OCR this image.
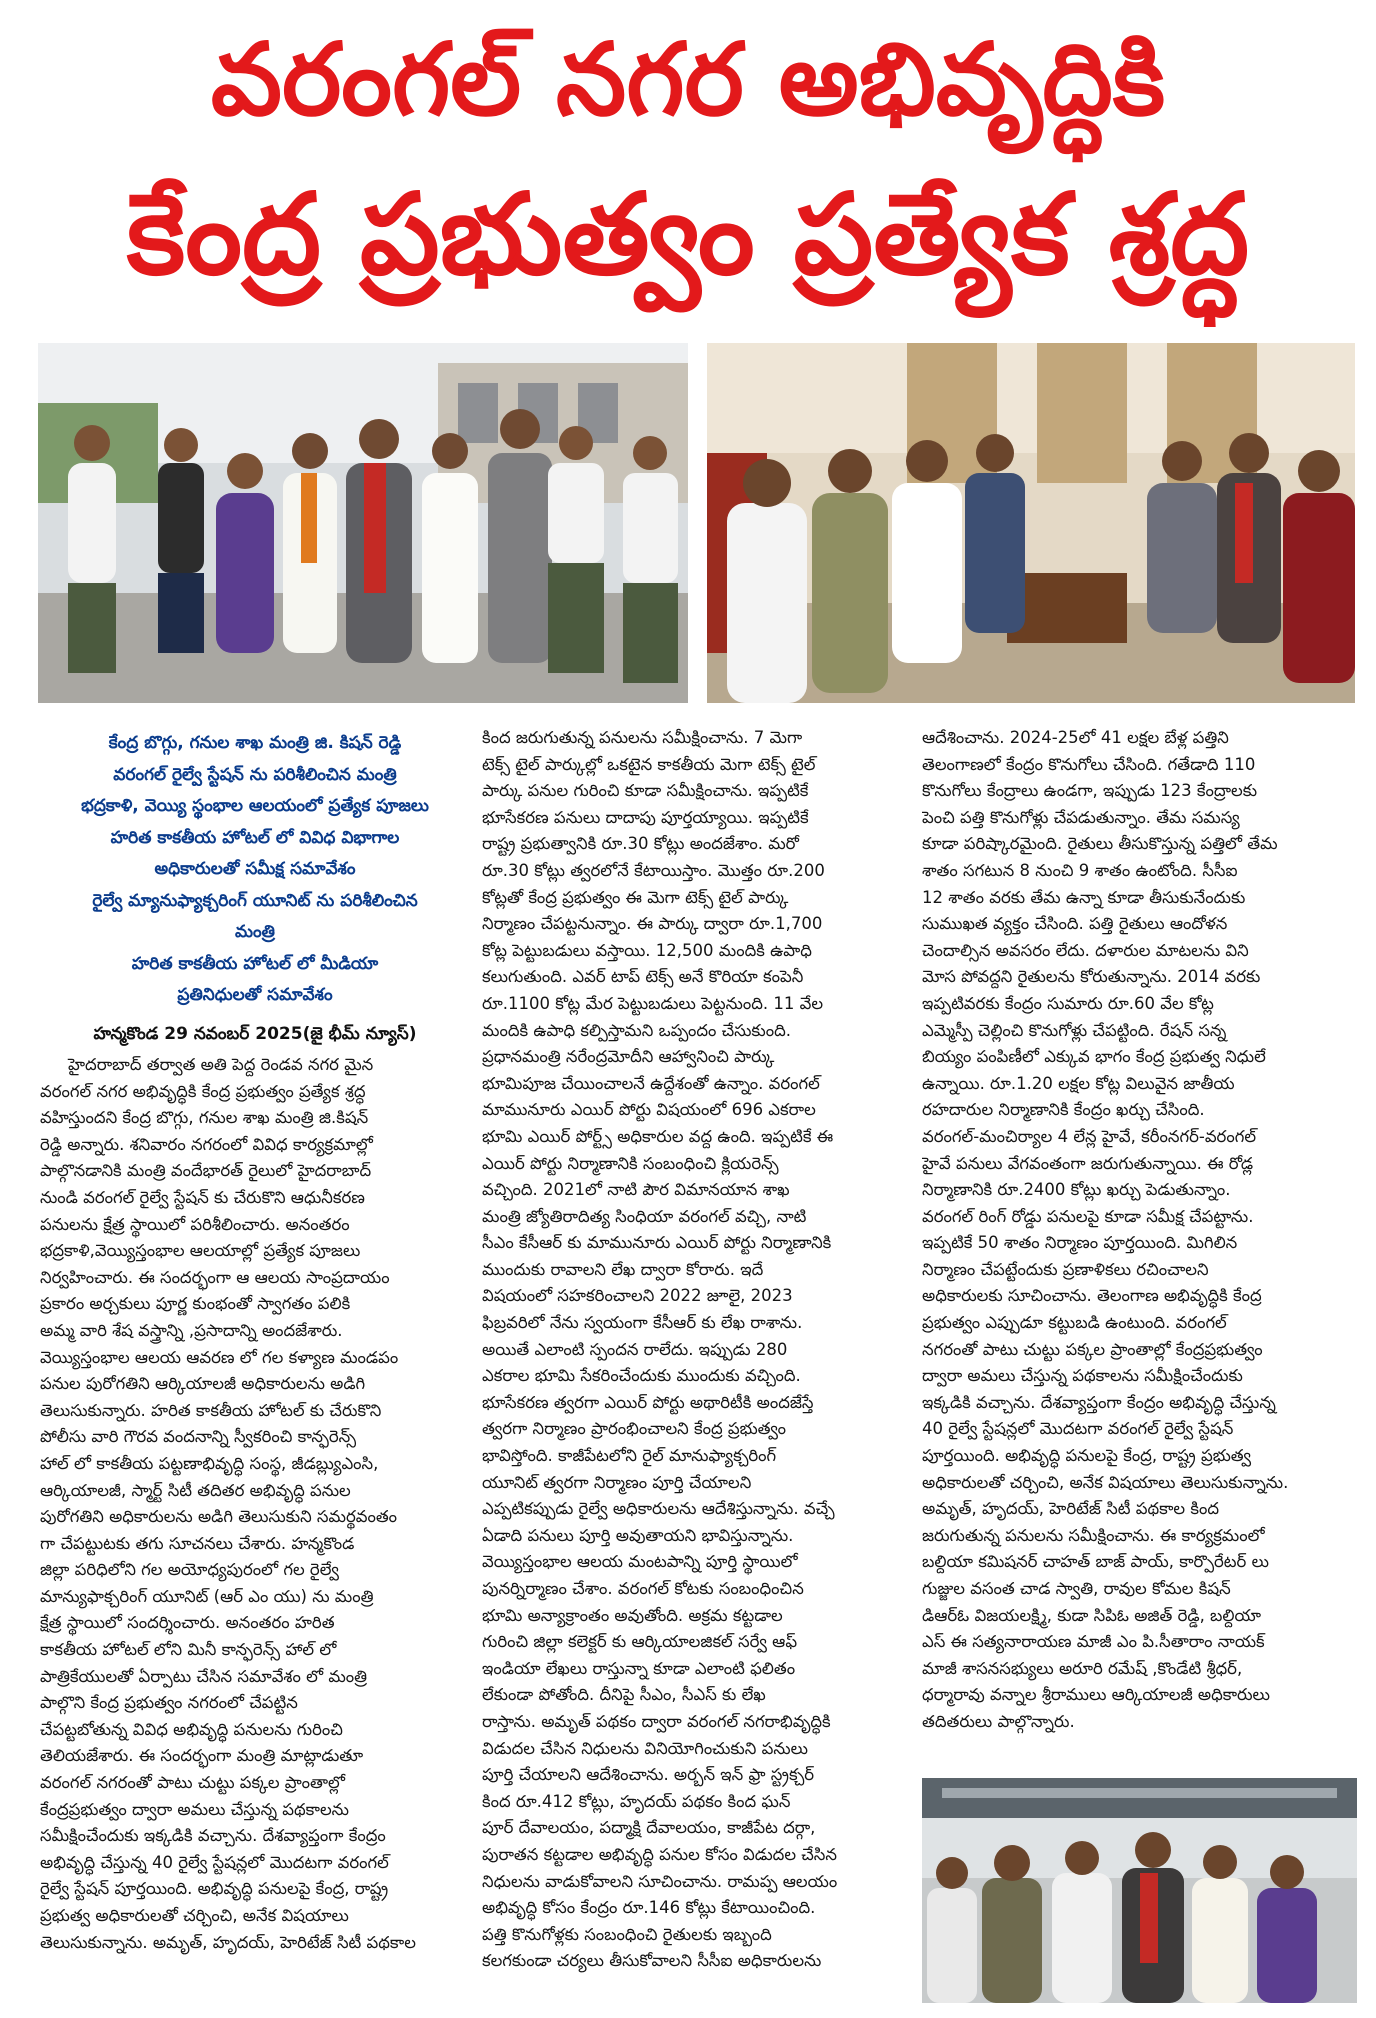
వరంగల్ నగర అభివృద్ధికి
కేంద్ర ప్రభుత్వం ప్రత్యేక శ్రద్ధ
కేంద్ర బొగ్గు, గనుల శాఖ మంత్రి జి. కిషన్ రెడ్డి
వరంగల్ రైల్వే స్టేషన్ ను పరిశీలించిన మంత్రి
భద్రకాళి, వెయ్యి స్థంభాల ఆలయంలో ప్రత్యేక పూజలు
హరిత కాకతీయ హోటల్ లో వివిధ విభాగాల
అధికారులతో సమీక్ష సమావేశం
రైల్వే మ్యానుఫ్యాక్చరింగ్ యూనిట్ ను పరిశీలించిన
మంత్రి
హరిత కాకతీయ హోటల్ లో మీడియా
ప్రతినిధులతో సమావేశం
హన్మకొండ 29 నవంబర్ 2025(జై భీమ్ న్యూస్)
హైదరాబాద్ తర్వాత అతి పెద్ద రెండవ నగర మైన
వరంగల్ నగర అభివృద్ధికి కేంద్ర ప్రభుత్వం ప్రత్యేక శ్రద్ధ
వహిస్తుందని కేంద్ర బొగ్గు, గనుల శాఖ మంత్రి జి.కిషన్
రెడ్డి అన్నారు. శనివారం నగరంలో వివిధ కార్యక్రమాల్లో
పాల్గొనడానికి మంత్రి వందేభారత్ రైలులో హైదరాబాద్
నుండి వరంగల్ రైల్వే స్టేషన్ కు చేరుకొని ఆధునీకరణ
పనులను క్షేత్ర స్థాయిలో పరిశీలించారు. అనంతరం
భద్రకాళి,వెయ్యిస్తంభాల ఆలయాల్లో ప్రత్యేక పూజలు
నిర్వహించారు. ఈ సందర్భంగా ఆ ఆలయ సాంప్రదాయం
ప్రకారం అర్చకులు పూర్ణ కుంభంతో స్వాగతం పలికి
అమ్మ వారి శేష వస్త్రాన్ని ,ప్రసాదాన్ని అందజేశారు.
వెయ్యిస్తంభాల ఆలయ ఆవరణ లో గల కళ్యాణ మండపం
పనుల పురోగతిని ఆర్కియాలజీ అధికారులను అడిగి
తెలుసుకున్నారు. హరిత కాకతీయ హోటల్ కు చేరుకొని
పోలీసు వారి గౌరవ వందనాన్ని స్వీకరించి కాన్ఫరెన్స్
హాల్ లో కాకతీయ పట్టణాభివృద్ధి సంస్థ, జీడబ్ల్యుఎంసి,
ఆర్కియాలజీ, స్మార్ట్ సిటీ తదితర అభివృద్ధి పనుల
పురోగతిని అధికారులను అడిగి తెలుసుకుని సమర్థవంతం
గా చేపట్టుటకు తగు సూచనలు చేశారు. హన్మకొండ
జిల్లా పరిధిలోని గల అయోధ్యపురంలో గల రైల్వే
మాన్యుఫాక్చరింగ్ యూనిట్ (ఆర్ ఎం యు) ను మంత్రి
క్షేత్ర స్థాయిలో సందర్శించారు. అనంతరం హరిత
కాకతీయ హోటల్ లోని మినీ కాన్ఫరెన్స్ హాల్ లో
పాత్రికేయులతో ఏర్పాటు చేసిన సమావేశం లో మంత్రి
పాల్గొని కేంద్ర ప్రభుత్వం నగరంలో చేపట్టిన
చేపట్టబోతున్న వివిధ అభివృద్ధి పనులను గురించి
తెలియజేశారు. ఈ సందర్భంగా మంత్రి మాట్లాడుతూ
వరంగల్ నగరంతో పాటు చుట్టు పక్కల ప్రాంతాల్లో
కేంద్రప్రభుత్వం ద్వారా అమలు చేస్తున్న పథకాలను
సమీక్షించేందుకు ఇక్కడికి వచ్చాను. దేశవ్యాప్తంగా కేంద్రం
అభివృద్ధి చేస్తున్న 40 రైల్వే స్టేషన్లలో మొదటగా వరంగల్
రైల్వే స్టేషన్ పూర్తయింది. అభివృద్ధి పనులపై కేంద్ర, రాష్ట్ర
ప్రభుత్వ అధికారులతో చర్చించి, అనేక విషయాలు
తెలుసుకున్నాను. అమృత్, హృదయ్, హెరిటేజ్ సిటీ పథకాల
కింద జరుగుతున్న పనులను సమీక్షించాను. 7 మెగా
టెక్స్ టైల్ పార్కుల్లో ఒకటైన కాకతీయ మెగా టెక్స్ టైల్
పార్కు పనుల గురించి కూడా సమీక్షించాను. ఇప్పటికే
భూసేకరణ పనులు దాదాపు పూర్తయ్యాయి. ఇప్పటికే
రాష్ట్ర ప్రభుత్వానికి రూ.30 కోట్లు అందజేశాం. మరో
రూ.30 కోట్లు త్వరలోనే కేటాయిస్తాం. మొత్తం రూ.200
కోట్లతో కేంద్ర ప్రభుత్వం ఈ మెగా టెక్స్ టైల్ పార్కు
నిర్మాణం చేపట్టనున్నాం. ఈ పార్కు ద్వారా రూ.1,700
కోట్ల పెట్టుబడులు వస్తాయి. 12,500 మందికి ఉపాధి
కలుగుతుంది. ఎవర్ టాప్ టెక్స్ అనే కొరియా కంపెనీ
రూ.1100 కోట్ల మేర పెట్టుబడులు పెట్టనుంది. 11 వేల
మందికి ఉపాధి కల్పిస్తామని ఒప్పందం చేసుకుంది.
ప్రధానమంత్రి నరేంద్రమోదీని ఆహ్వానించి పార్కు
భూమిపూజ చేయించాలనే ఉద్దేశంతో ఉన్నాం. వరంగల్
మామునూరు ఎయిర్ పోర్టు విషయంలో 696 ఎకరాల
భూమి ఎయిర్ పోర్ట్స్ అధికారుల వద్ద ఉంది. ఇప్పటికే ఈ
ఎయిర్ పోర్టు నిర్మాణానికి సంబంధించి క్లియరెన్స్
వచ్చింది. 2021లో నాటి పౌర విమానయాన శాఖ
మంత్రి జ్యోతిరాదిత్య సింధియా వరంగల్ వచ్చి, నాటి
సీఎం కేసీఆర్ కు మామునూరు ఎయిర్ పోర్టు నిర్మాణానికి
ముందుకు రావాలని లేఖ ద్వారా కోరారు. ఇదే
విషయంలో సహకరించాలని 2022 జూలై, 2023
ఫిబ్రవరిలో నేను స్వయంగా కేసీఆర్ కు లేఖ రాశాను.
అయితే ఎలాంటి స్పందన రాలేదు. ఇప్పుడు 280
ఎకరాల భూమి సేకరించేందుకు ముందుకు వచ్చింది.
భూసేకరణ త్వరగా ఎయిర్ పోర్టు అథారిటీకి అందజేస్తే
త్వరగా నిర్మాణం ప్రారంభించాలని కేంద్ర ప్రభుత్వం
భావిస్తోంది. కాజీపేటలోని రైల్ మానుఫ్యాక్చరింగ్
యూనిట్ త్వరగా నిర్మాణం పూర్తి చేయాలని
ఎప్పటికప్పుడు రైల్వే అధికారులను ఆదేశిస్తున్నాను. వచ్చే
ఏడాది పనులు పూర్తి అవుతాయని భావిస్తున్నాను.
వెయ్యిస్తంభాల ఆలయ మంటపాన్ని పూర్తి స్థాయిలో
పునర్నిర్మాణం చేశాం. వరంగల్ కోటకు సంబంధించిన
భూమి అన్యాక్రాంతం అవుతోంది. అక్రమ కట్టడాల
గురించి జిల్లా కలెక్టర్ కు ఆర్కియాలజికల్ సర్వే ఆఫ్
ఇండియా లేఖలు రాస్తున్నా కూడా ఎలాంటి ఫలితం
లేకుండా పోతోంది. దీనిపై సీఎం, సీఎస్ కు లేఖ
రాస్తాను. అమృత్ పథకం ద్వారా వరంగల్ నగరాభివృద్ధికి
విడుదల చేసిన నిధులను వినియోగించుకుని పనులు
పూర్తి చేయాలని ఆదేశించాను. అర్బన్ ఇన్ ఫ్రా స్ట్రక్చర్
కింద రూ.412 కోట్లు, హృదయ్ పథకం కింద ఘన్
పూర్ దేవాలయం, పద్మాక్షి దేవాలయం, కాజీపేట దర్గా,
పురాతన కట్టడాల అభివృద్ధి పనుల కోసం విడుదల చేసిన
నిధులను వాడుకోవాలని సూచించాను. రామప్ప ఆలయం
అభివృద్ధి కోసం కేంద్రం రూ.146 కోట్లు కేటాయించింది.
పత్తి కొనుగోళ్లకు సంబంధించి రైతులకు ఇబ్బంది
కలగకుండా చర్యలు తీసుకోవాలని సీసీఐ అధికారులను
ఆదేశించాను. 2024-25లో 41 లక్షల బేళ్ల పత్తిని
తెలంగాణలో కేంద్రం కొనుగోలు చేసింది. గతేడాది 110
కొనుగోలు కేంద్రాలు ఉండగా, ఇప్పుడు 123 కేంద్రాలకు
పెంచి పత్తి కొనుగోళ్లు చేపడుతున్నాం. తేమ సమస్య
కూడా పరిష్కారమైంది. రైతులు తీసుకొస్తున్న పత్తిలో తేమ
శాతం సగటున 8 నుంచి 9 శాతం ఉంటోంది. సీసీఐ
12 శాతం వరకు తేమ ఉన్నా కూడా తీసుకునేందుకు
సుముఖత వ్యక్తం చేసింది. పత్తి రైతులు ఆందోళన
చెందాల్సిన అవసరం లేదు. దళారుల మాటలను విని
మోస పోవద్దని రైతులను కోరుతున్నాను. 2014 వరకు
ఇప్పటివరకు కేంద్రం సుమారు రూ.60 వేల కోట్ల
ఎమ్మెస్పీ చెల్లించి కొనుగోళ్లు చేపట్టింది. రేషన్ సన్న
బియ్యం పంపిణీలో ఎక్కువ భాగం కేంద్ర ప్రభుత్వ నిధులే
ఉన్నాయి. రూ.1.20 లక్షల కోట్ల విలువైన జాతీయ
రహదారుల నిర్మాణానికి కేంద్రం ఖర్చు చేసింది.
వరంగల్-మంచిర్యాల 4 లేన్ల హైవే, కరీంనగర్-వరంగల్
హైవే పనులు వేగవంతంగా జరుగుతున్నాయి. ఈ రోడ్ల
నిర్మాణానికి రూ.2400 కోట్లు ఖర్చు పెడుతున్నాం.
వరంగల్ రింగ్ రోడ్డు పనులపై కూడా సమీక్ష చేపట్టాను.
ఇప్పటికే 50 శాతం నిర్మాణం పూర్తయింది. మిగిలిన
నిర్మాణం చేపట్టేందుకు ప్రణాళికలు రచించాలని
అధికారులకు సూచించాను. తెలంగాణ అభివృద్ధికి కేంద్ర
ప్రభుత్వం ఎప్పుడూ కట్టుబడి ఉంటుంది. వరంగల్
నగరంతో పాటు చుట్టు పక్కల ప్రాంతాల్లో కేంద్రప్రభుత్వం
ద్వారా అమలు చేస్తున్న పథకాలను సమీక్షించేందుకు
ఇక్కడికి వచ్చాను. దేశవ్యాప్తంగా కేంద్రం అభివృద్ధి చేస్తున్న
40 రైల్వే స్టేషన్లలో మొదటగా వరంగల్ రైల్వే స్టేషన్
పూర్తయింది. అభివృద్ధి పనులపై కేంద్ర, రాష్ట్ర ప్రభుత్వ
అధికారులతో చర్చించి, అనేక విషయాలు తెలుసుకున్నాను.
అమృత్, హృదయ్, హెరిటేజ్ సిటీ పథకాల కింద
జరుగుతున్న పనులను సమీక్షించాను. ఈ కార్యక్రమంలో
బల్దియా కమిషనర్ చాహత్ బాజ్ పాయ్, కార్పొరేటర్ లు
గుజ్జుల వసంత చాడ స్వాతి, రావుల కోమల కిషన్
డిఆర్ఓ విజయలక్ష్మి, కుడా సిపిఓ అజిత్ రెడ్డి, బల్దియా
ఎస్ ఈ సత్యనారాయణ మాజీ ఎం పి.సీతారాం నాయక్
మాజీ శాసనసభ్యులు అరూరి రమేష్ ,కొండేటి శ్రీధర్,
ధర్మారావు వన్నాల శ్రీరాములు ఆర్కియాలజీ అధికారులు
తదితరులు పాల్గొన్నారు.
